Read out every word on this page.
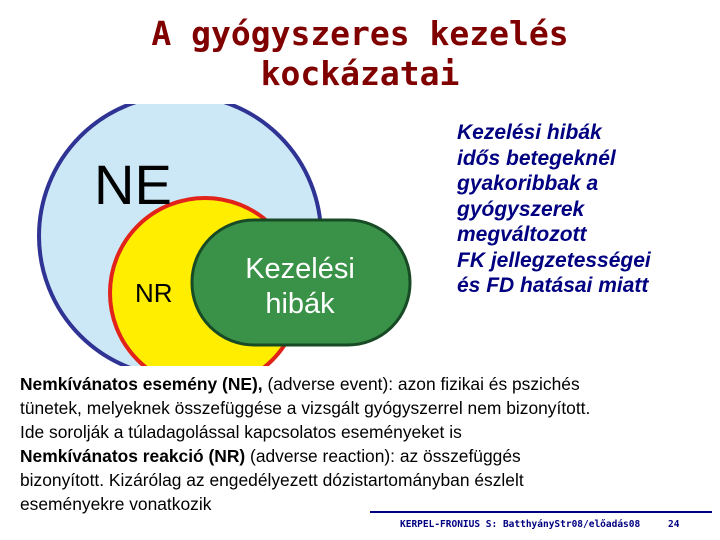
A gyógyszeres kezelés
kockázatai
NE
NR
Kezelési
hibák
Kezelési hibák
idős betegeknél
gyakoribbak a
gyógyszerek
megváltozott
FK jellegzetességei
és FD hatásai miatt
Nemkívánatos esemény (NE), (adverse event): azon fizikai és pszichés
tünetek, melyeknek összefüggése a vizsgált gyógyszerrel nem bizonyított.
Ide sorolják a túladagolással kapcsolatos eseményeket is
Nemkívánatos reakció (NR) (adverse reaction): az összefüggés
bizonyított. Kizárólag az engedélyezett dózistartományban észlelt
eseményekre vonatkozik
KERPEL-FRONIUS S: BatthyányStr08/előadás08	24
